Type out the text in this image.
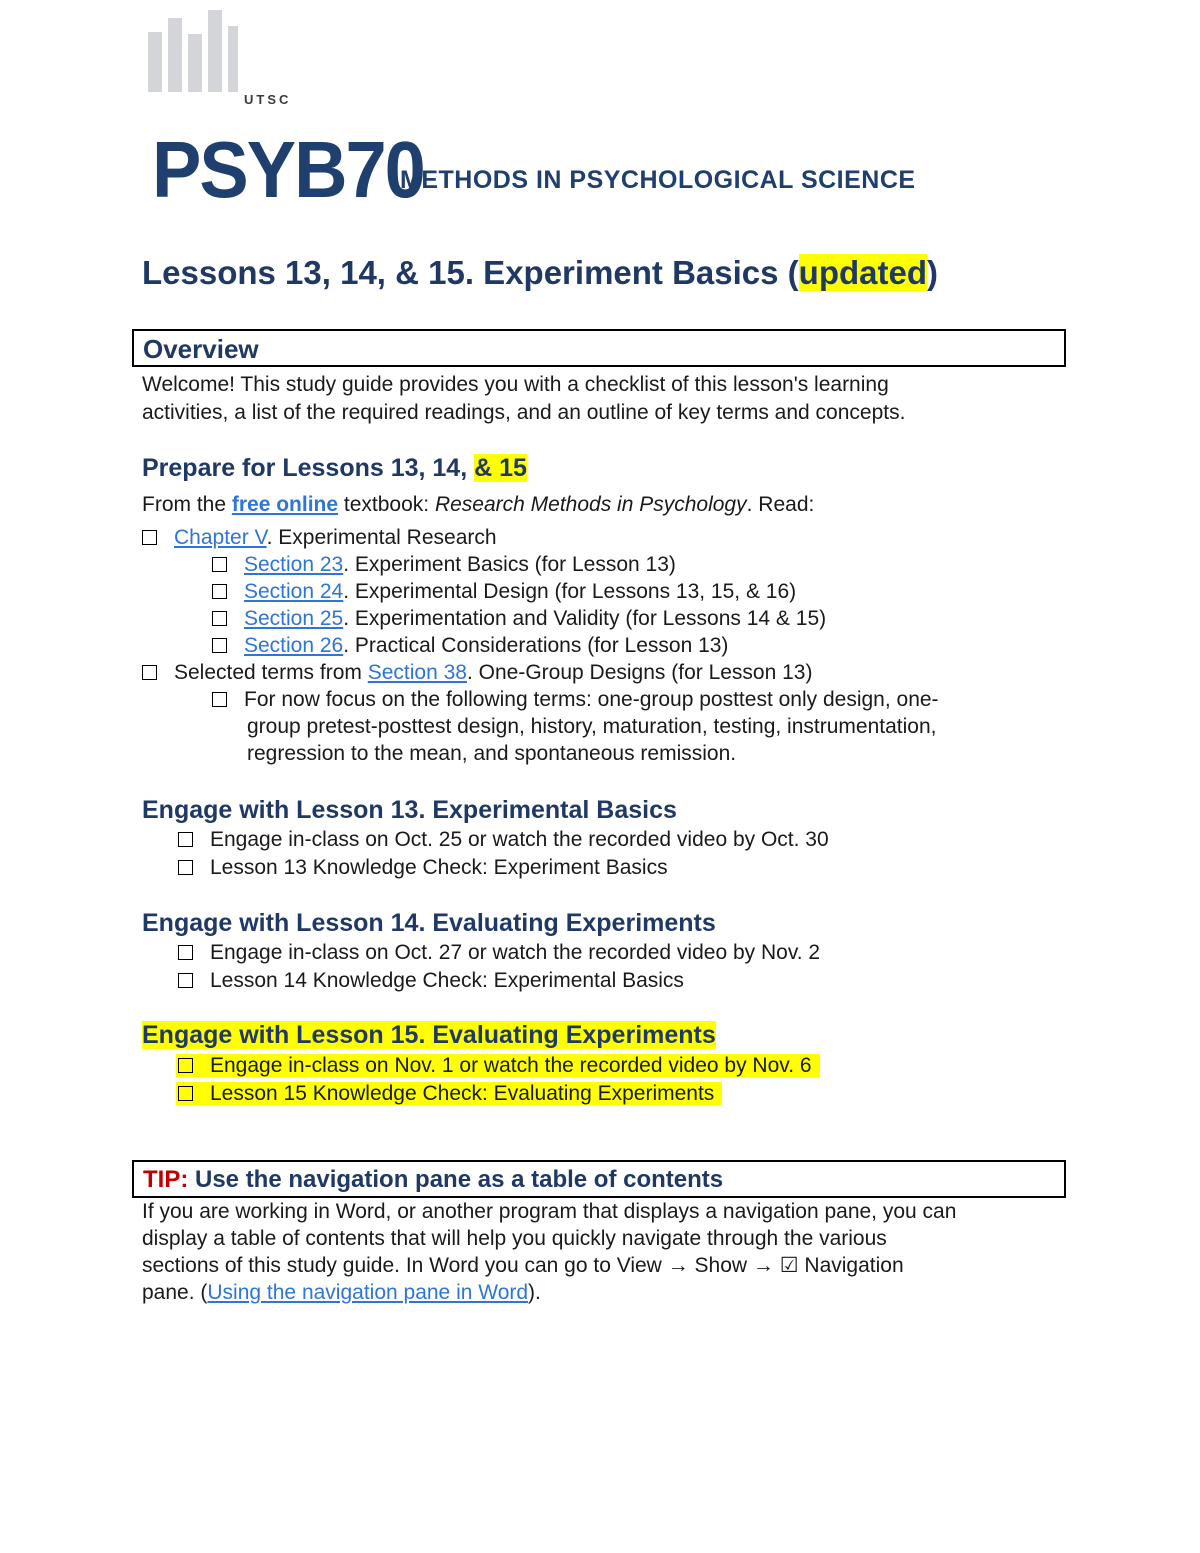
UTSC
PSYB70
METHODS IN PSYCHOLOGICAL SCIENCE
Lessons 13, 14, & 15. Experiment Basics (updated)
Overview
Welcome! This study guide provides you with a checklist of this lesson's learning
activities, a list of the required readings, and an outline of key terms and concepts.
Prepare for Lessons 13, 14, & 15
From the free online textbook: Research Methods in Psychology. Read:
Chapter V. Experimental Research
Section 23. Experiment Basics (for Lesson 13)
Section 24. Experimental Design (for Lessons 13, 15, & 16)
Section 25. Experimentation and Validity (for Lessons 14 & 15)
Section 26. Practical Considerations (for Lesson 13)
Selected terms from Section 38. One-Group Designs (for Lesson 13)
For now focus on the following terms: one-group posttest only design, one-
group pretest-posttest design, history, maturation, testing, instrumentation,
regression to the mean, and spontaneous remission.
Engage with Lesson 13. Experimental Basics
Engage in-class on Oct. 25 or watch the recorded video by Oct. 30
Lesson 13 Knowledge Check: Experiment Basics
Engage with Lesson 14. Evaluating Experiments
Engage in-class on Oct. 27 or watch the recorded video by Nov. 2
Lesson 14 Knowledge Check: Experimental Basics
Engage with Lesson 15. Evaluating Experiments
Engage in-class on Nov. 1 or watch the recorded video by Nov. 6
Lesson 15 Knowledge Check: Evaluating Experiments
TIP: Use the navigation pane as a table of contents
If you are working in Word, or another program that displays a navigation pane, you can
display a table of contents that will help you quickly navigate through the various
sections of this study guide. In Word you can go to View → Show → ☑ Navigation
pane. (Using the navigation pane in Word).
